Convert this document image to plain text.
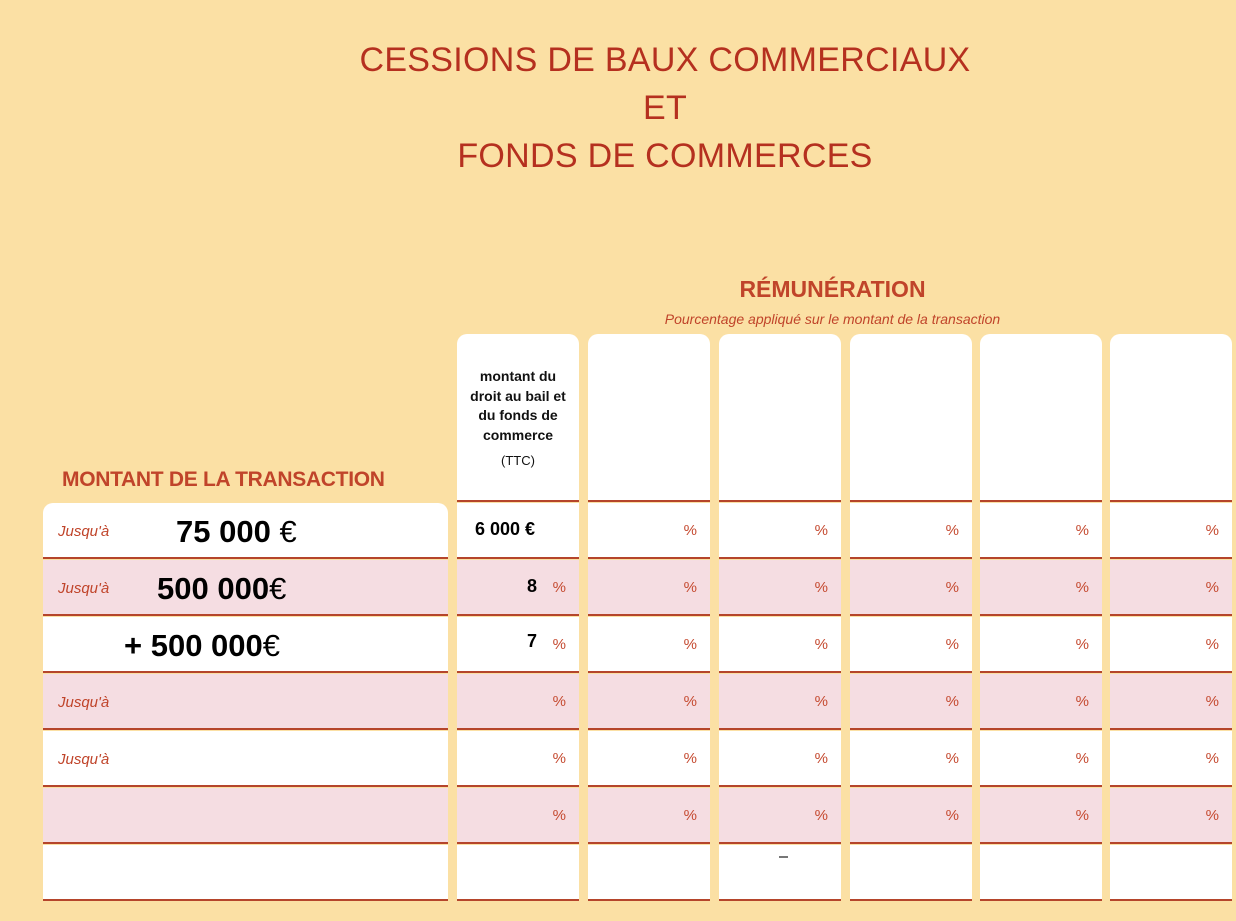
CESSIONS DE BAUX COMMERCIAUX
ET
FONDS DE COMMERCES
RÉMUNÉRATION
Pourcentage appliqué sur le montant de la transaction
MONTANT DE LA TRANSACTION
montant du
droit au bail et
du fonds de
commerce
(TTC)
Jusqu'à 75 000 €
Jusqu'à 500 000€
+ 500 000€
Jusqu'à
Jusqu'à
6 000 €
8 %
7 %
%
%
%
%
%
%
%
%
%
%
%
%
%
%
%
%
%
%
%
%
%
%
%
%
%
%
%
%
%
%
%
%
%
